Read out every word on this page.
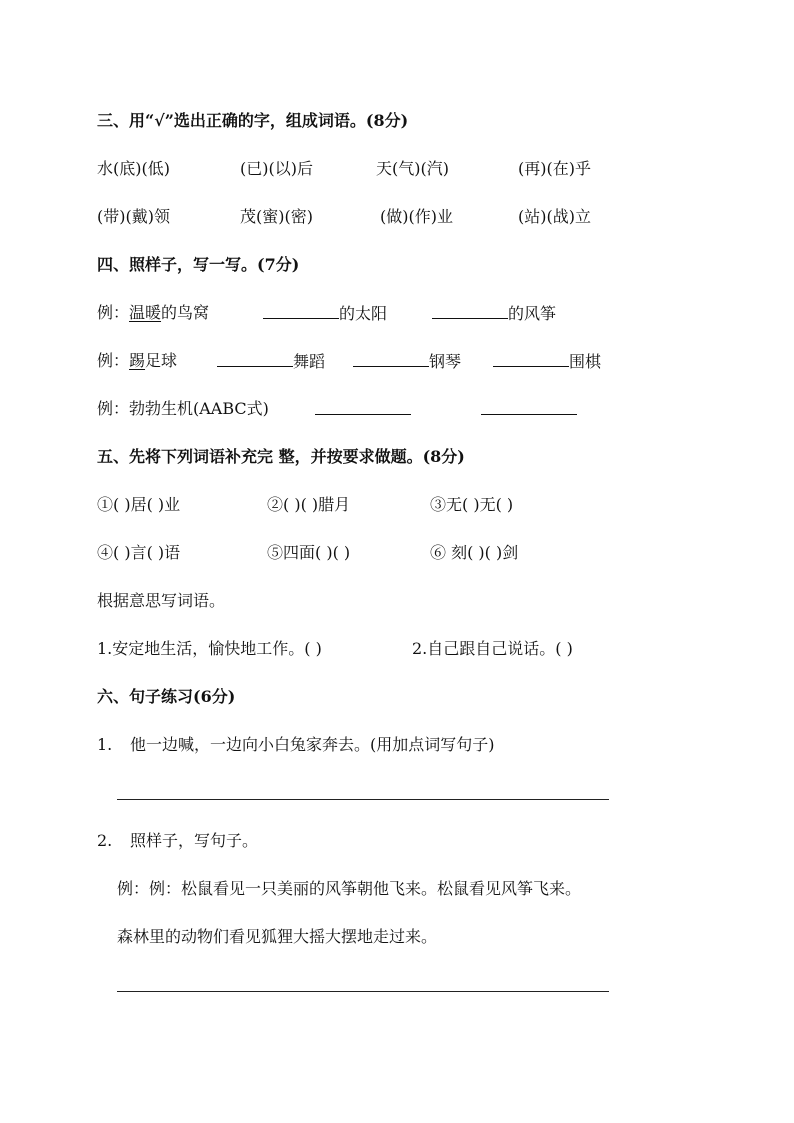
三、用“√”选出正确的字，组成词语。(8分)
水(底)(低)	(已)(以)后	天(气)(汽)	(再)(在)乎
(带)(戴)领	茂(蜜)(密)	(做)(作)业	(站)(战)立
四、照样子，写一写。(7分)
例：温暖的鸟窝	的太阳	的风筝
例：踢足球	舞蹈	钢琴	围棋
例：勃勃生机(AABC式)
五、先将下列词语补充完 整，并按要求做题。(8分)
①( )居( )业	②( )( )腊月	③无( )无( )
④( )言( )语	⑤四面( )( )	⑥ 刻( )( )剑
根据意思写词语。
1.安定地生活，愉快地工作。( )	2.自己跟自己说话。( )
六、句子练习(6分)
1. 他一边喊，一边向小白兔家奔去。(用加点词写句子)
2. 照样子，写句子。
例：例：松鼠看见一只美丽的风筝朝他飞来。松鼠看见风筝飞来。
森林里的动物们看见狐狸大摇大摆地走过来。
